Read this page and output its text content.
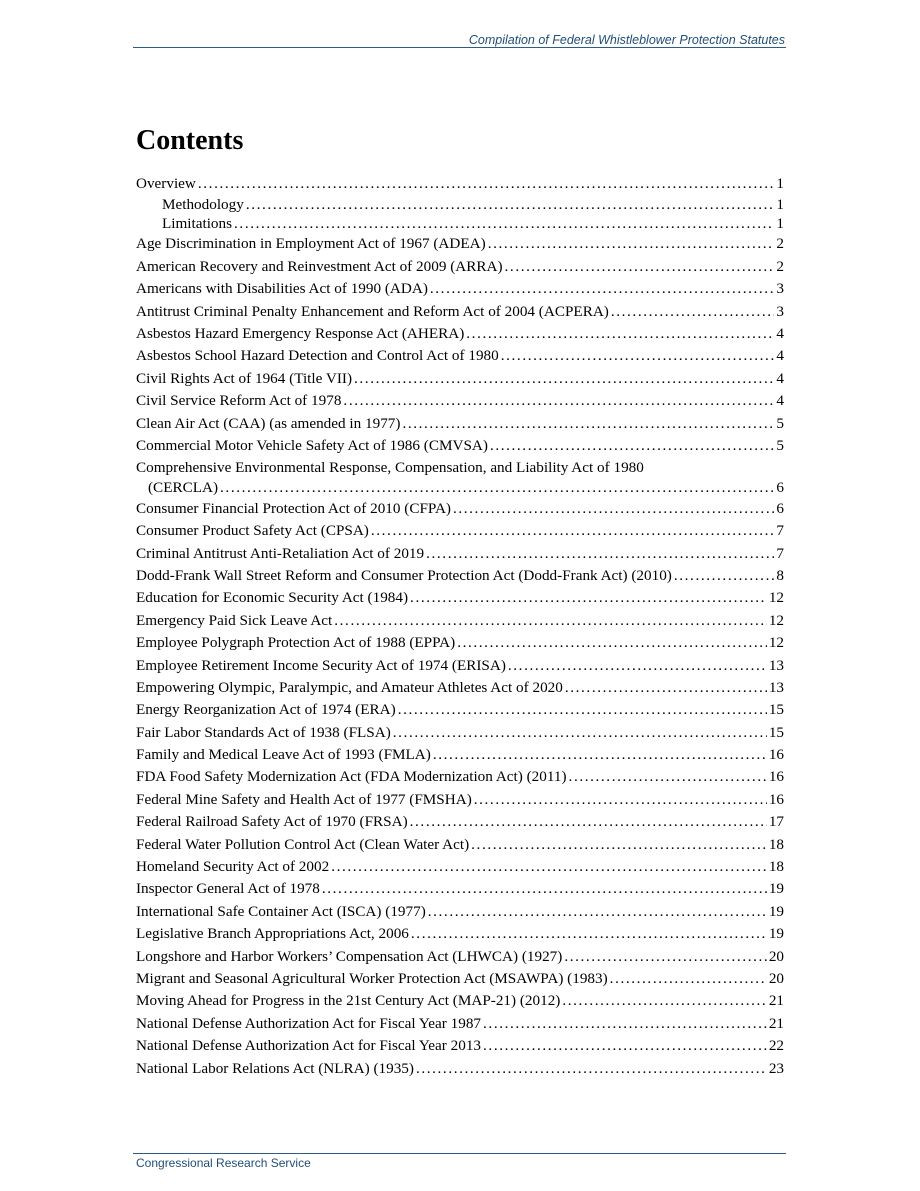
Compilation of Federal Whistleblower Protection Statutes
Contents
Overview . . .	1
Methodology . . .	1
Limitations . . .	1
Age Discrimination in Employment Act of 1967 (ADEA) . . .	2
American Recovery and Reinvestment Act of 2009 (ARRA) . . .	2
Americans with Disabilities Act of 1990 (ADA) . . .	3
Antitrust Criminal Penalty Enhancement and Reform Act of 2004 (ACPERA) . . .	3
Asbestos Hazard Emergency Response Act (AHERA) . . .	4
Asbestos School Hazard Detection and Control Act of 1980 . . .	4
Civil Rights Act of 1964 (Title VII) . . .	4
Civil Service Reform Act of 1978 . . .	4
Clean Air Act (CAA) (as amended in 1977) . . .	5
Commercial Motor Vehicle Safety Act of 1986 (CMVSA) . . .	5
Comprehensive Environmental Response, Compensation, and Liability Act of 1980
(CERCLA) . . .	6
Consumer Financial Protection Act of 2010 (CFPA) . . .	6
Consumer Product Safety Act (CPSA) . . .	7
Criminal Antitrust Anti-Retaliation Act of 2019 . . .	7
Dodd-Frank Wall Street Reform and Consumer Protection Act (Dodd-Frank Act) (2010) . . .	8
Education for Economic Security Act (1984) . . .	12
Emergency Paid Sick Leave Act . . .	12
Employee Polygraph Protection Act of 1988 (EPPA) . . .	12
Employee Retirement Income Security Act of 1974 (ERISA) . . .	13
Empowering Olympic, Paralympic, and Amateur Athletes Act of 2020 . . .	13
Energy Reorganization Act of 1974 (ERA) . . .	15
Fair Labor Standards Act of 1938 (FLSA) . . .	15
Family and Medical Leave Act of 1993 (FMLA) . . .	16
FDA Food Safety Modernization Act (FDA Modernization Act) (2011) . . .	16
Federal Mine Safety and Health Act of 1977 (FMSHA) . . .	16
Federal Railroad Safety Act of 1970 (FRSA) . . .	17
Federal Water Pollution Control Act (Clean Water Act) . . .	18
Homeland Security Act of 2002 . . .	18
Inspector General Act of 1978 . . .	19
International Safe Container Act (ISCA) (1977) . . .	19
Legislative Branch Appropriations Act, 2006 . . .	19
Longshore and Harbor Workers’ Compensation Act (LHWCA) (1927) . . .	20
Migrant and Seasonal Agricultural Worker Protection Act (MSAWPA) (1983) . . .	20
Moving Ahead for Progress in the 21st Century Act (MAP-21) (2012) . . .	21
National Defense Authorization Act for Fiscal Year 1987 . . .	21
National Defense Authorization Act for Fiscal Year 2013 . . .	22
National Labor Relations Act (NLRA) (1935) . . .	23
Congressional Research Service
